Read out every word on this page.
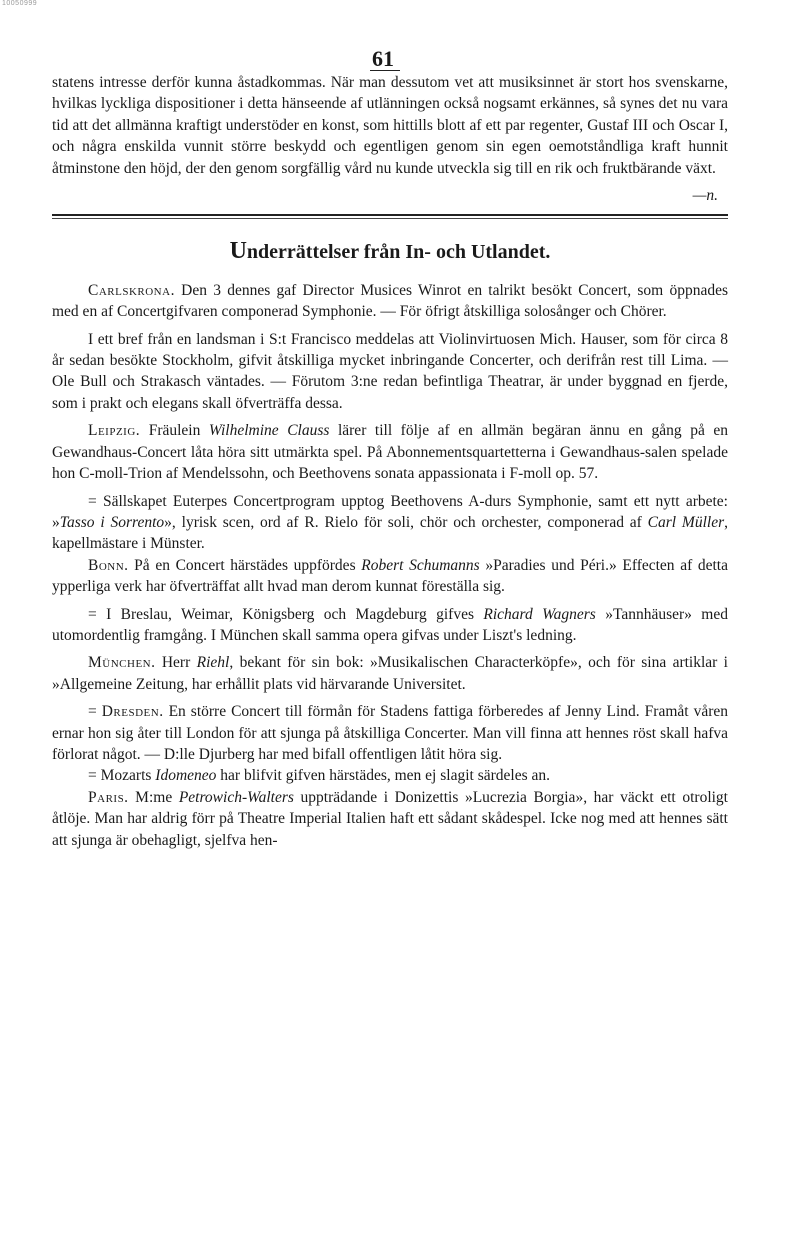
10050999
61

statens intresse derför kunna åstadkommas. När man dessutom vet att musiksinnet är stort hos svenskarne, hvilkas lyckliga dispositioner i detta hänseende af utlänningen också nogsamt erkännes, så synes det nu vara tid att det allmänna kraftigt understöder en konst, som hittills blott af ett par regenter, Gustaf III och Oscar I, och några enskilda vunnit större beskydd och egentligen genom sin egen oemotståndliga kraft hunnit åtminstone den höjd, der den genom sorgfällig vård nu kunde utveckla sig till en rik och fruktbärande växt.

—n.
Underrättelser från In- och Utlandet.

Carlskrona. Den 3 dennes gaf Director Musices Winrot en talrikt besökt Concert, som öppnades med en af Concertgifvaren componerad Symphonie. — För öfrigt åtskilliga solosånger och Chörer.

I ett bref från en landsman i S:t Francisco meddelas att Violinvirtuosen Mich. Hauser, som för circa 8 år sedan besökte Stockholm, gifvit åtskilliga mycket inbringande Concerter, och derifrån rest till Lima. — Ole Bull och Strakasch väntades. — Förutom 3:ne redan befintliga Theatrar, är under byggnad en fjerde, som i prakt och elegans skall öfverträffa dessa.

Leipzig. Fräulein Wilhelmine Clauss lärer till följe af en allmän begäran ännu en gång på en Gewandhaus-Concert låta höra sitt utmärkta spel. På Abonnementsquartetterna i Gewandhaus-salen spelade hon C-moll-Trion af Mendelssohn, och Beethovens sonata appassionata i F-moll op. 57.

= Sällskapet Euterpes Concertprogram upptog Beethovens A-durs Symphonie, samt ett nytt arbete: »Tasso i Sorrento», lyrisk scen, ord af R. Rielo för soli, chör och orchester, componerad af Carl Müller, kapellmästare i Münster.

Bonn. På en Concert härstädes uppfördes Robert Schumanns »Paradies und Péri.» Effecten af detta ypperliga verk har öfverträffat allt hvad man derom kunnat föreställa sig.

= I Breslau, Weimar, Königsberg och Magdeburg gifves Richard Wagners »Tannhäuser» med utomordentlig framgång. I München skall samma opera gifvas under Liszt's ledning.

München. Herr Riehl, bekant för sin bok: »Musikalischen Characterköpfe», och för sina artiklar i »Allgemeine Zeitung, har erhållit plats vid härvarande Universitet.

= Dresden. En större Concert till förmån för Stadens fattiga förberedes af Jenny Lind. Framåt våren ernar hon sig åter till London för att sjunga på åtskilliga Concerter. Man vill finna att hennes röst skall hafva förlorat något. — D:lle Djurberg har med bifall offentligen låtit höra sig.

= Mozarts Idomeneo har blifvit gifven härstädes, men ej slagit särdeles an.

Paris. M:me Petrowich-Walters uppträdande i Donizettis »Lucrezia Borgia», har väckt ett otroligt åtlöje. Man har aldrig förr på Theatre Imperial Italien haft ett sådant skådespel. Icke nog med att hennes sätt att sjunga är obehagligt, sjelfva hen-
